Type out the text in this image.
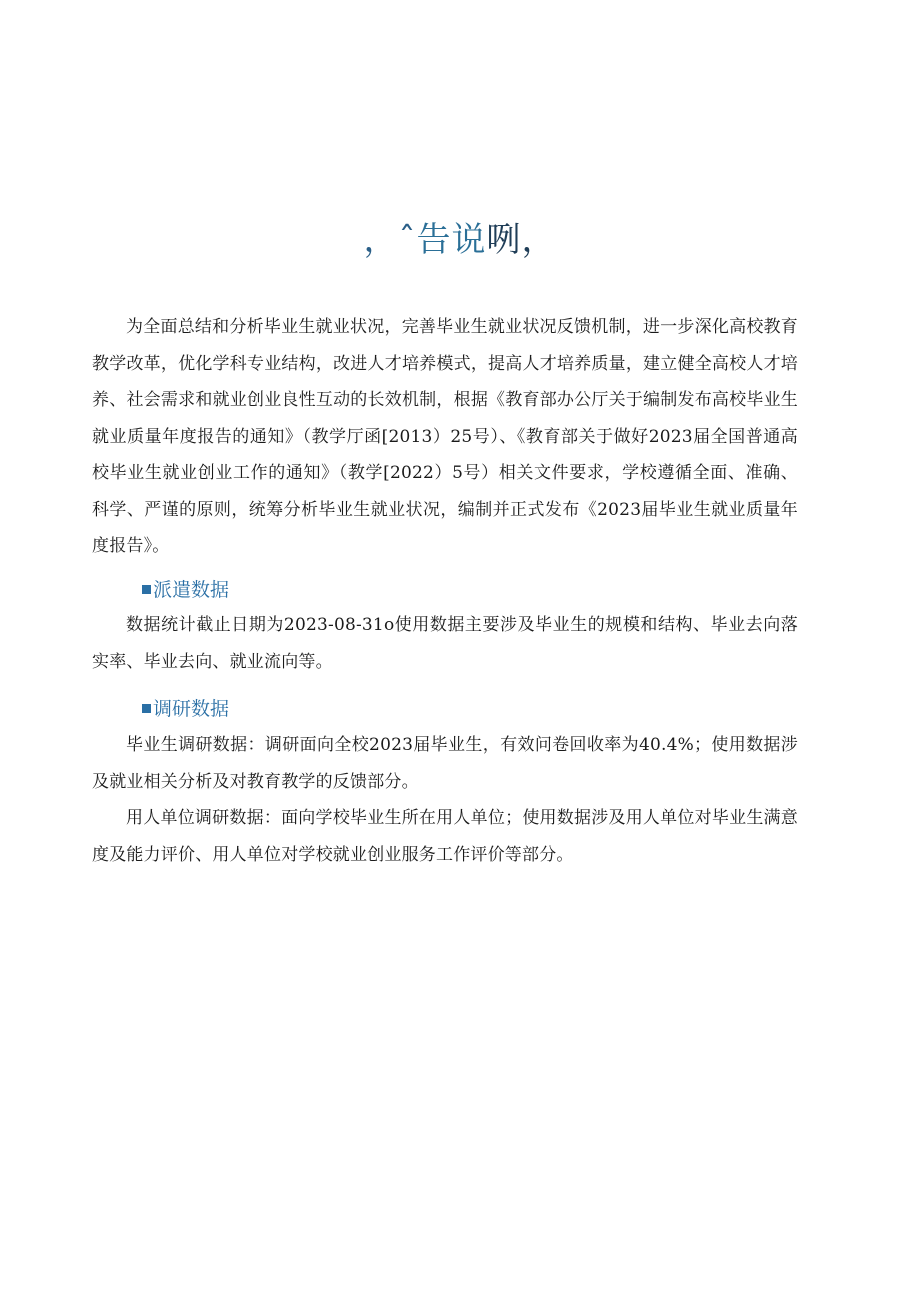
，ˆ告说咧，

为全面总结和分析毕业生就业状况，完善毕业生就业状况反馈机制，进一步深化高校教育教学改革，优化学科专业结构，改进人才培养模式，提高人才培养质量，建立健全高校人才培养、社会需求和就业创业良性互动的长效机制，根据《教育部办公厅关于编制发布高校毕业生就业质量年度报告的通知》（教学厅函[2013）25号）、《教育部关于做好2023届全国普通高校毕业生就业创业工作的通知》（教学[2022）5号）相关文件要求，学校遵循全面、准确、科学、严谨的原则，统筹分析毕业生就业状况，编制并正式发布《2023届毕业生就业质量年度报告》。

派遣数据

数据统计截止日期为2023-08-31o使用数据主要涉及毕业生的规模和结构、毕业去向落实率、毕业去向、就业流向等。

调研数据

毕业生调研数据：调研面向全校2023届毕业生，有效问卷回收率为40.4%；使用数据涉及就业相关分析及对教育教学的反馈部分。

用人单位调研数据：面向学校毕业生所在用人单位；使用数据涉及用人单位对毕业生满意度及能力评价、用人单位对学校就业创业服务工作评价等部分。
